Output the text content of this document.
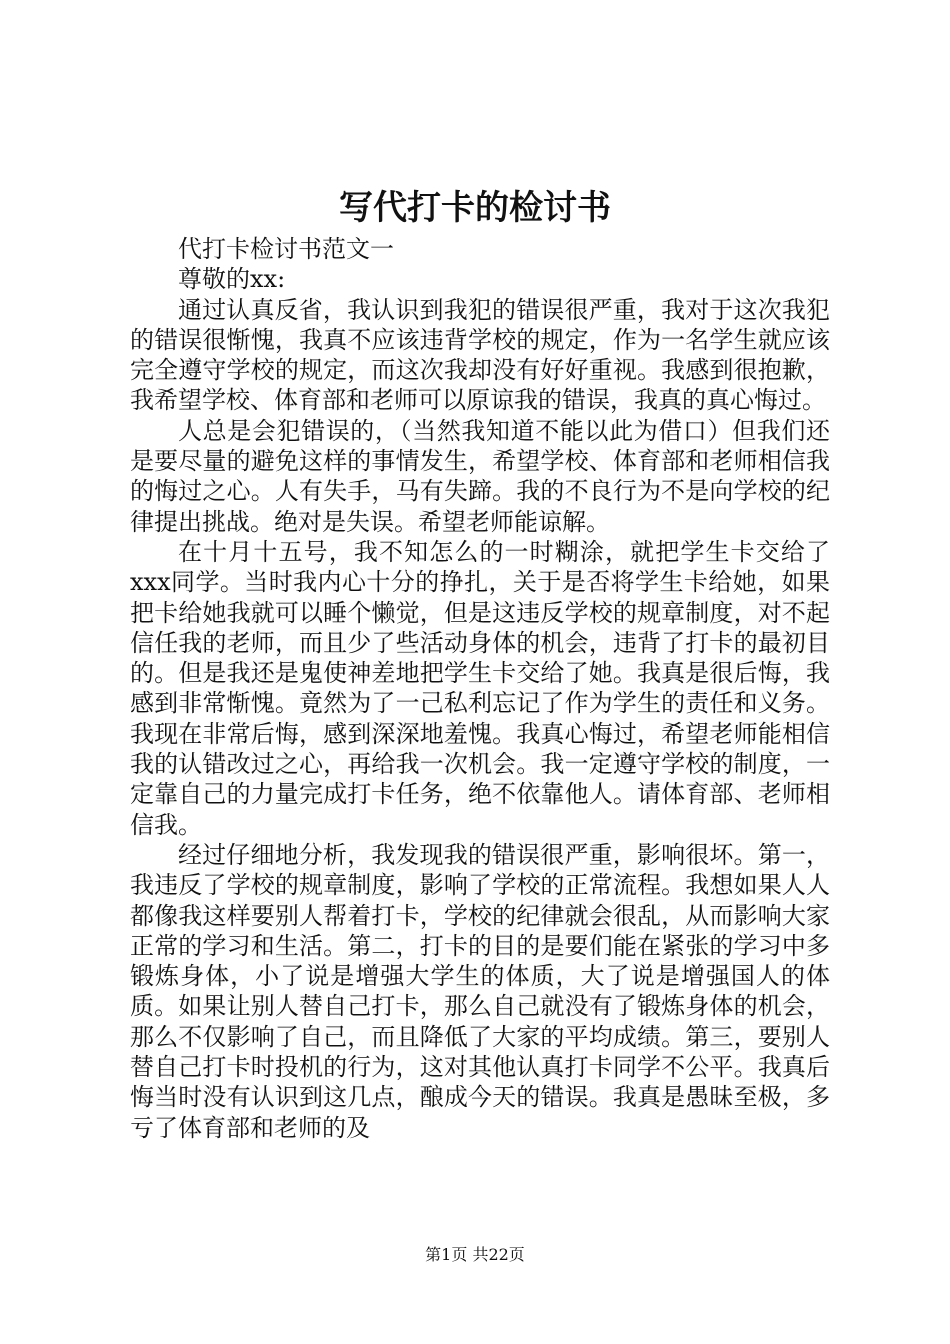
写代打卡的检讨书

代打卡检讨书范文一

尊敬的xx:

通过认真反省，我认识到我犯的错误很严重，我对于这次我犯的错误很惭愧，我真不应该违背学校的规定，作为一名学生就应该完全遵守学校的规定，而这次我却没有好好重视。我感到很抱歉，我希望学校、体育部和老师可以原谅我的错误，我真的真心悔过。

人总是会犯错误的，（当然我知道不能以此为借口）但我们还是要尽量的避免这样的事情发生，希望学校、体育部和老师相信我的悔过之心。人有失手，马有失蹄。我的不良行为不是向学校的纪律提出挑战。绝对是失误。希望老师能谅解。

在十月十五号，我不知怎么的一时糊涂，就把学生卡交给了xxx同学。当时我内心十分的挣扎，关于是否将学生卡给她，如果把卡给她我就可以睡个懒觉，但是这违反学校的规章制度，对不起信任我的老师，而且少了些活动身体的机会，违背了打卡的最初目的。但是我还是鬼使神差地把学生卡交给了她。我真是很后悔，我感到非常惭愧。竟然为了一己私利忘记了作为学生的责任和义务。我现在非常后悔，感到深深地羞愧。我真心悔过，希望老师能相信我的认错改过之心，再给我一次机会。我一定遵守学校的制度，一定靠自己的力量完成打卡任务，绝不依靠他人。请体育部、老师相信我。

经过仔细地分析，我发现我的错误很严重，影响很坏。第一，我违反了学校的规章制度，影响了学校的正常流程。我想如果人人都像我这样要别人帮着打卡，学校的纪律就会很乱，从而影响大家正常的学习和生活。第二，打卡的目的是要们能在紧张的学习中多锻炼身体，小了说是增强大学生的体质，大了说是增强国人的体质。如果让别人替自己打卡，那么自己就没有了锻炼身体的机会，那么不仅影响了自己，而且降低了大家的平均成绩。第三，要别人替自己打卡时投机的行为，这对其他认真打卡同学不公平。我真后悔当时没有认识到这几点，酿成今天的错误。我真是愚昧至极，多亏了体育部和老师的及

第1页 共22页
